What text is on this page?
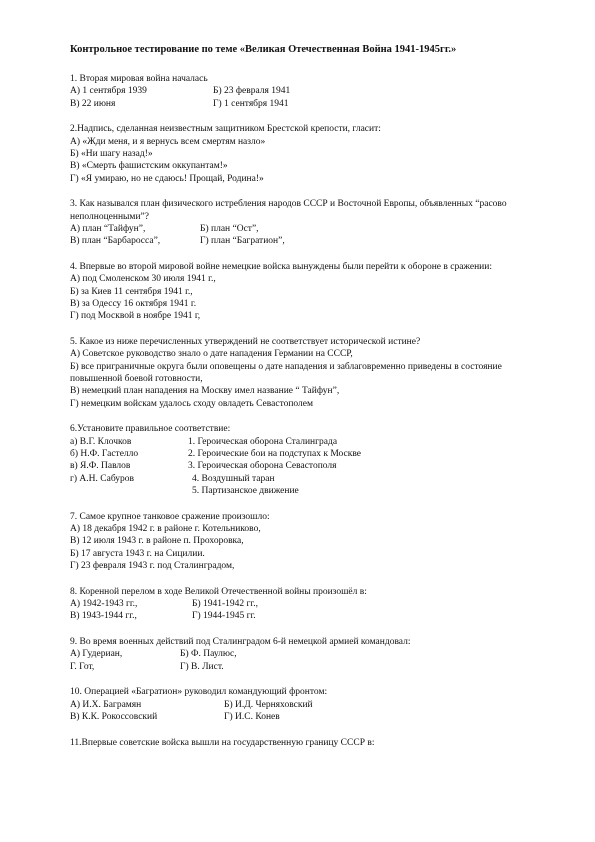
Контрольное тестирование по теме «Великая Отечественная Война 1941-1945гг.»
1. Вторая мировая война началась
А) 1 сентября 1939	Б) 23 февраля 1941
В) 22 июня	Г) 1 сентября 1941
2.Надпись, сделанная неизвестным защитником Брестской крепости, гласит:
А) «Жди меня, и я вернусь всем смертям назло»
Б) «Ни шагу назад!»
В) «Смерть фашистским оккупантам!»
Г) «Я умираю, но не сдаюсь! Прощай, Родина!»
3. Как назывался план физического истребления народов СССР и Восточной Европы, объявленных “расово неполноценными”?
А) план “Тайфун”,	Б) план “Ост”,
В) план “Барбаросса”,	Г) план “Багратион”,
4. Впервые во второй мировой войне немецкие войска вынуждены были перейти к обороне в сражении:
А) под Смоленском 30 июля 1941 г.,
Б) за Киев 11 сентября 1941 г.,
В) за Одессу 16 октября 1941 г.
Г) под Москвой в ноябре 1941 г,
5. Какое из ниже перечисленных утверждений не соответствует исторической истине?
А) Советское руководство знало о дате нападения Германии на СССР,
Б) все приграничные округа были оповещены о дате нападения и заблаговременно приведены в состояние повышенной боевой готовности,
В) немецкий план нападения на Москву имел название “ Тайфун”,
Г) немецким войскам удалось сходу овладеть Севастополем
6.Установите правильное соответствие:
а) В.Г. Клочков	1. Героическая оборона Сталинграда
б) Н.Ф. Гастелло	2. Героические бои на подступах к Москве
в) Я.Ф. Павлов	3. Героическая оборона Севастополя
г) А.Н. Сабуров	4. Воздушный таран
5. Партизанское движение
7. Самое крупное танковое сражение произошло:
А) 18 декабря 1942 г. в районе г. Котельниково,
В) 12 июля 1943 г. в районе п. Прохоровка,
Б) 17 августа 1943 г. на Сицилии.
Г) 23 февраля 1943 г. под Сталинградом,
8. Коренной перелом в ходе Великой Отечественной войны произошёл в:
А) 1942-1943 гг.,	Б) 1941-1942 гг.,
В) 1943-1944 гг.,	Г) 1944-1945 гг.
9. Во время военных действий под Сталинградом 6-й немецкой армией командовал:
А) Гудериан,	Б) Ф. Паулюс,
Г. Гот,	Г) В. Лист.
10. Операцией «Багратион» руководил командующий фронтом:
А) И.Х. Баграмян	Б) И.Д. Черняховский
В) К.К. Рокоссовский	Г) И.С. Конев
11.Впервые советские войска вышли на государственную границу СССР в:
